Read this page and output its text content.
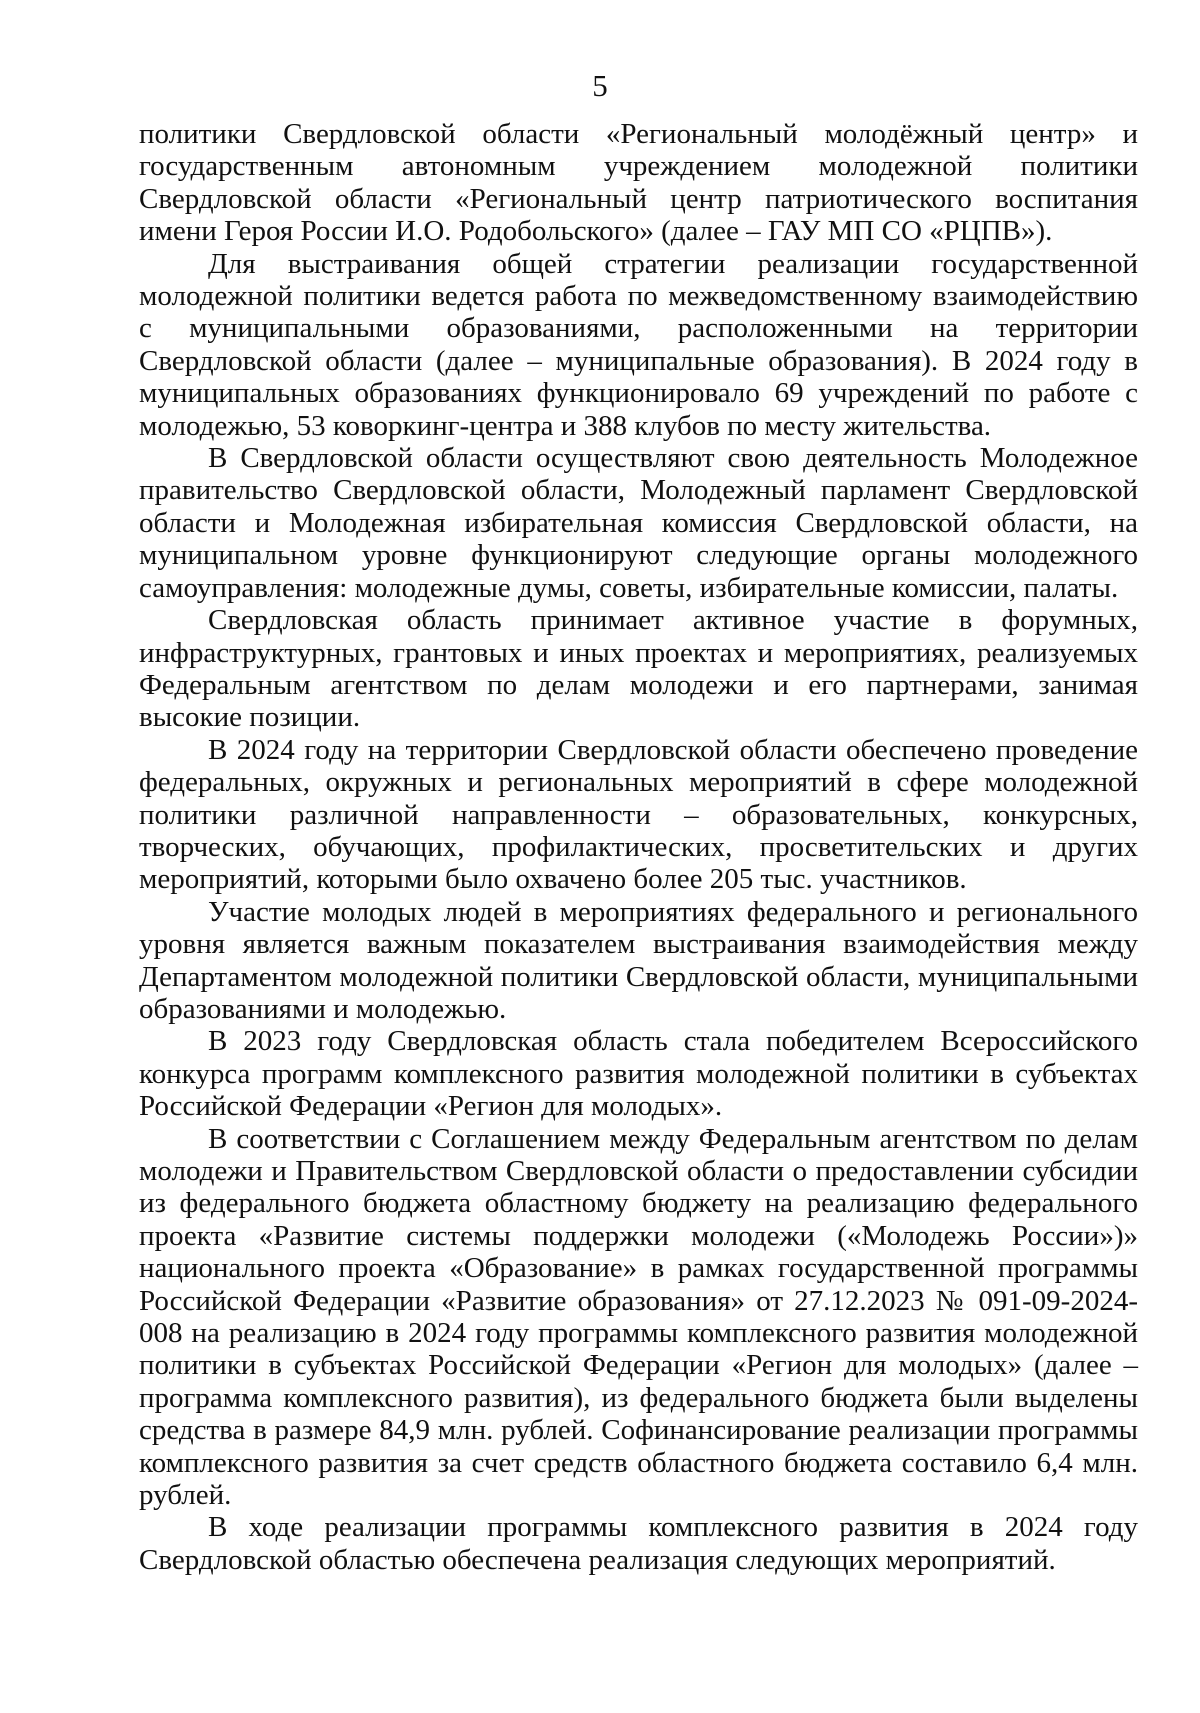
5

политики Свердловской области «Региональный молодёжный центр» и государственным автономным учреждением молодежной политики Свердловской области «Региональный центр патриотического воспитания имени Героя России И.О. Родобольского» (далее – ГАУ МП СО «РЦПВ»).

Для выстраивания общей стратегии реализации государственной молодежной политики ведется работа по межведомственному взаимодействию с муниципальными образованиями, расположенными на территории Свердловской области (далее – муниципальные образования). В 2024 году в муниципальных образованиях функционировало 69 учреждений по работе с молодежью, 53 коворкинг-центра и 388 клубов по месту жительства.

В Свердловской области осуществляют свою деятельность Молодежное правительство Свердловской области, Молодежный парламент Свердловской области и Молодежная избирательная комиссия Свердловской области, на муниципальном уровне функционируют следующие органы молодежного самоуправления: молодежные думы, советы, избирательные комиссии, палаты.

Свердловская область принимает активное участие в форумных, инфраструктурных, грантовых и иных проектах и мероприятиях, реализуемых Федеральным агентством по делам молодежи и его партнерами, занимая высокие позиции.

В 2024 году на территории Свердловской области обеспечено проведение федеральных, окружных и региональных мероприятий в сфере молодежной политики различной направленности – образовательных, конкурсных, творческих, обучающих, профилактических, просветительских и других мероприятий, которыми было охвачено более 205 тыс. участников.

Участие молодых людей в мероприятиях федерального и регионального уровня является важным показателем выстраивания взаимодействия между Департаментом молодежной политики Свердловской области, муниципальными образованиями и молодежью.

В 2023 году Свердловская область стала победителем Всероссийского конкурса программ комплексного развития молодежной политики в субъектах Российской Федерации «Регион для молодых».

В соответствии с Соглашением между Федеральным агентством по делам молодежи и Правительством Свердловской области о предоставлении субсидии из федерального бюджета областному бюджету на реализацию федерального проекта «Развитие системы поддержки молодежи («Молодежь России»)» национального проекта «Образование» в рамках государственной программы Российской Федерации «Развитие образования» от 27.12.2023 № 091-09-2024-008 на реализацию в 2024 году программы комплексного развития молодежной политики в субъектах Российской Федерации «Регион для молодых» (далее – программа комплексного развития), из федерального бюджета были выделены средства в размере 84,9 млн. рублей. Софинансирование реализации программы комплексного развития за счет средств областного бюджета составило 6,4 млн. рублей.

В ходе реализации программы комплексного развития в 2024 году Свердловской областью обеспечена реализация следующих мероприятий.
